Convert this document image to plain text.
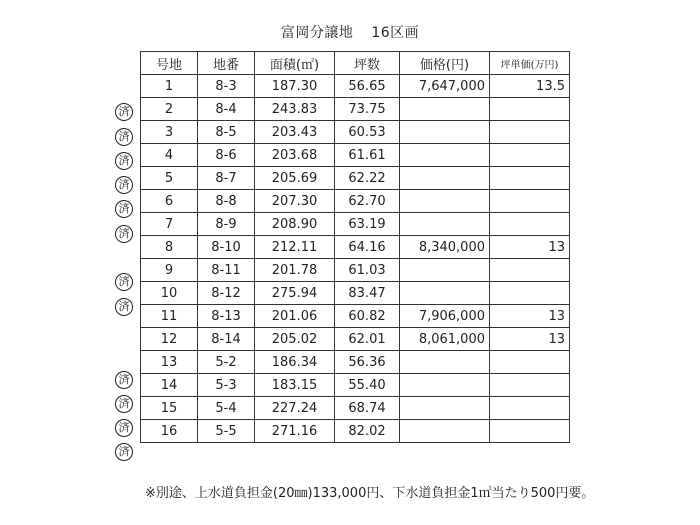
富岡分譲地 16区画
号地	地番	面積(㎡)	坪数	価格(円)	坪単価(万円)
1	8-3	187.30	56.65	7,647,000	13.5
2	8-4	243.83	73.75		
3	8-5	203.43	60.53		
4	8-6	203.68	61.61		
5	8-7	205.69	62.22		
6	8-8	207.30	62.70		
7	8-9	208.90	63.19		
8	8-10	212.11	64.16	8,340,000	13
9	8-11	201.78	61.03		
10	8-12	275.94	83.47		
11	8-13	201.06	60.82	7,906,000	13
12	8-14	205.02	62.01	8,061,000	13
13	5-2	186.34	56.36		
14	5-3	183.15	55.40		
15	5-4	227.24	68.74		
16	5-5	271.16	82.02		
済
済
済
済
済
済
済
済
済
済
済
済
※別途、上水道負担金(20㎜)133,000円、下水道負担金1㎡当たり500円要。
